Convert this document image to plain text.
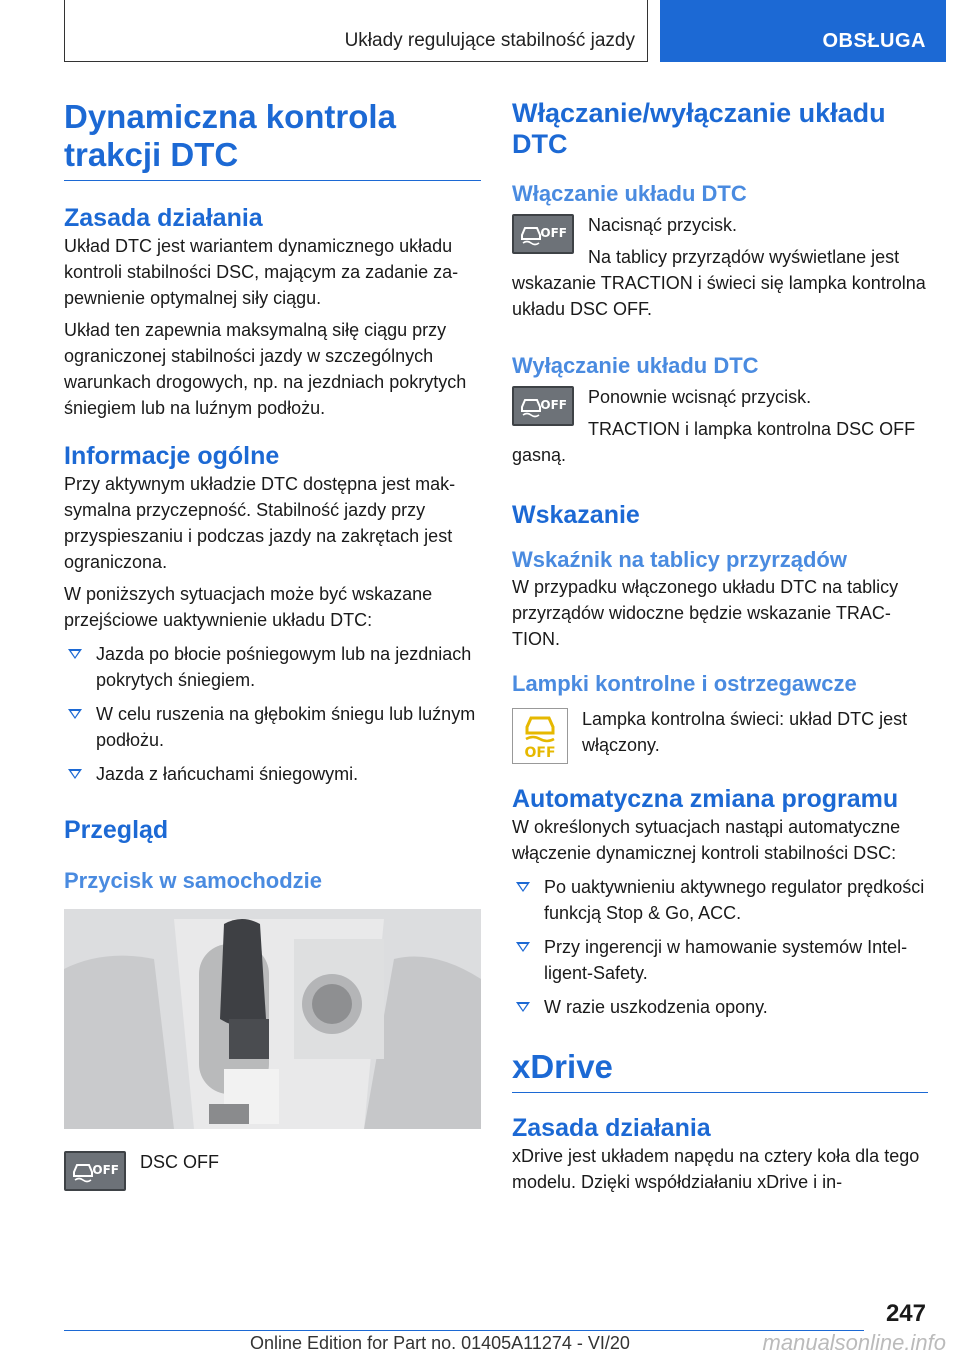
Układy regulujące stabilność jazdy	OBSŁUGA
Dynamiczna kontrola trakcji DTC
Zasada działania

Układ DTC jest wariantem dynamicznego układu kontroli stabilności DSC, mającym za zadanie zapewnienie optymalnej siły ciągu.

Układ ten zapewnia maksymalną siłę ciągu przy ograniczonej stabilności jazdy w szczególnych warunkach drogowych, np. na jezdniach pokrytych śniegiem lub na luźnym podłożu.

Informacje ogólne

Przy aktywnym układzie DTC dostępna jest maksymalna przyczepność. Stabilność jazdy przy przyspieszaniu i podczas jazdy na zakrętach jest ograniczona.

W poniższych sytuacjach może być wskazane przejściowe uaktywnienie układu DTC:

Jazda po błocie pośniegowym lub na jezdniach pokrytych śniegiem.
W celu ruszenia na głębokim śniegu lub luźnym podłożu.
Jazda z łańcuchami śniegowymi.
Przegląd
Przycisk w samochodzie
OFF	DSC OFF

Włączanie/wyłączanie układu DTC
Włączanie układu DTC
OFF	Nacisnąć przycisk.

Na tablicy przyrządów wyświetlane jest wskazanie TRACTION i świeci się lampka kontrolna układu DSC OFF.

Wyłączanie układu DTC
OFF	Ponownie wcisnąć przycisk.

TRACTION i lampka kontrolna DSC OFF gasną.

Wskazanie
Wskaźnik na tablicy przyrządów

W przypadku włączonego układu DTC na tablicy przyrządów widoczne będzie wskazanie TRACTION.

Lampki kontrolne i ostrzegawcze
OFF

Lampka kontrolna świeci: układ DTC jest włączony.

Automatyczna zmiana programu

W określonych sytuacjach nastąpi automatyczne włączenie dynamicznej kontroli stabilności DSC:

Po uaktywnieniu aktywnego regulator prędkości funkcją Stop & Go, ACC.
Przy ingerencji w hamowanie systemów Intelligent-Safety.
W razie uszkodzenia opony.
xDrive
Zasada działania

xDrive jest układem napędu na cztery koła dla tego modelu. Dzięki współdziałaniu xDrive i in-

247
Online Edition for Part no. 01405A11274 - VI/20	manualsonline.info
